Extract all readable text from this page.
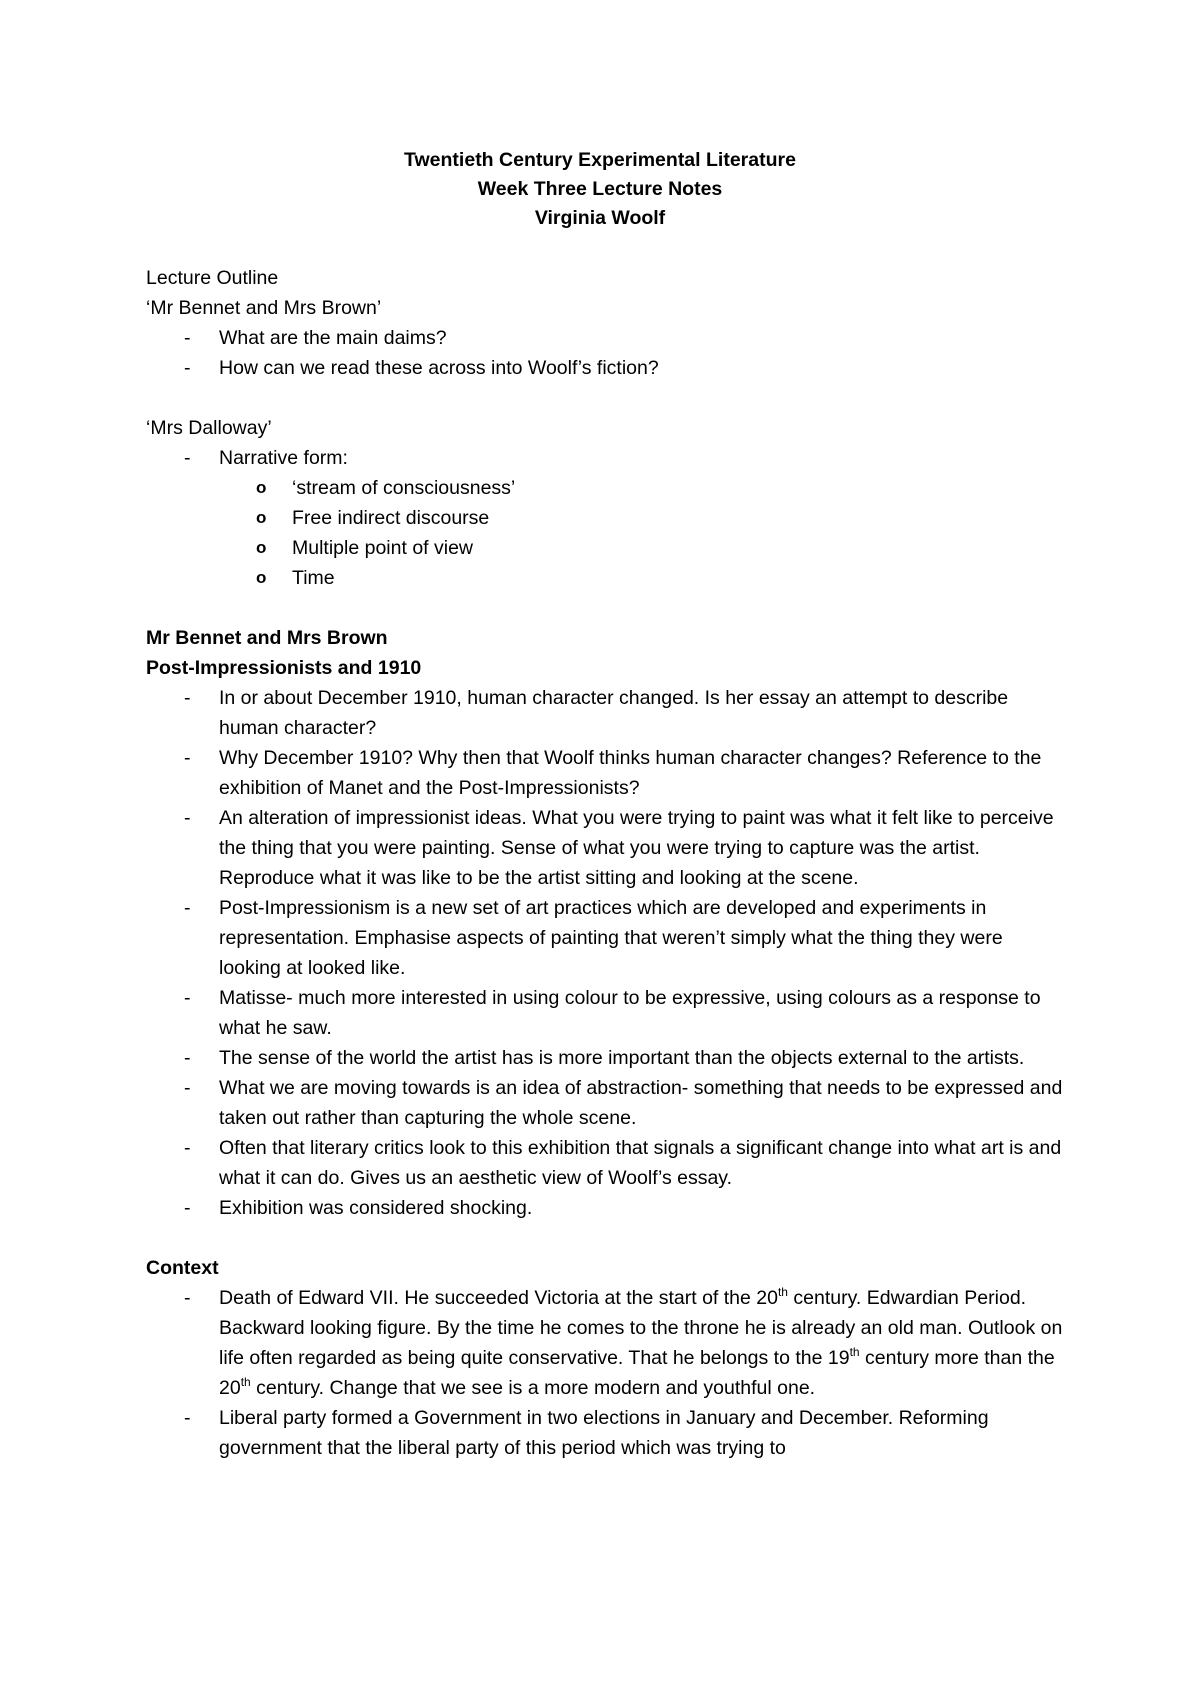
Twentieth Century Experimental Literature
Week Three Lecture Notes
Virginia Woolf
Lecture Outline
‘Mr Bennet and Mrs Brown’
- What are the main daims?
- How can we read these across into Woolf’s fiction?
‘Mrs Dalloway’
- Narrative form:
o ‘stream of consciousness’
o Free indirect discourse
o Multiple point of view
o Time
Mr Bennet and Mrs Brown
Post-Impressionists and 1910
- In or about December 1910, human character changed. Is her essay an attempt to describe human character?
- Why December 1910? Why then that Woolf thinks human character changes? Reference to the exhibition of Manet and the Post-Impressionists?
- An alteration of impressionist ideas. What you were trying to paint was what it felt like to perceive the thing that you were painting. Sense of what you were trying to capture was the artist. Reproduce what it was like to be the artist sitting and looking at the scene.
- Post-Impressionism is a new set of art practices which are developed and experiments in representation. Emphasise aspects of painting that weren’t simply what the thing they were looking at looked like.
- Matisse- much more interested in using colour to be expressive, using colours as a response to what he saw.
- The sense of the world the artist has is more important than the objects external to the artists.
- What we are moving towards is an idea of abstraction- something that needs to be expressed and taken out rather than capturing the whole scene.
- Often that literary critics look to this exhibition that signals a significant change into what art is and what it can do. Gives us an aesthetic view of Woolf’s essay.
- Exhibition was considered shocking.
Context
- Death of Edward VII. He succeeded Victoria at the start of the 20th century. Edwardian Period. Backward looking figure. By the time he comes to the throne he is already an old man. Outlook on life often regarded as being quite conservative. That he belongs to the 19th century more than the 20th century. Change that we see is a more modern and youthful one.
- Liberal party formed a Government in two elections in January and December. Reforming government that the liberal party of this period which was trying to
